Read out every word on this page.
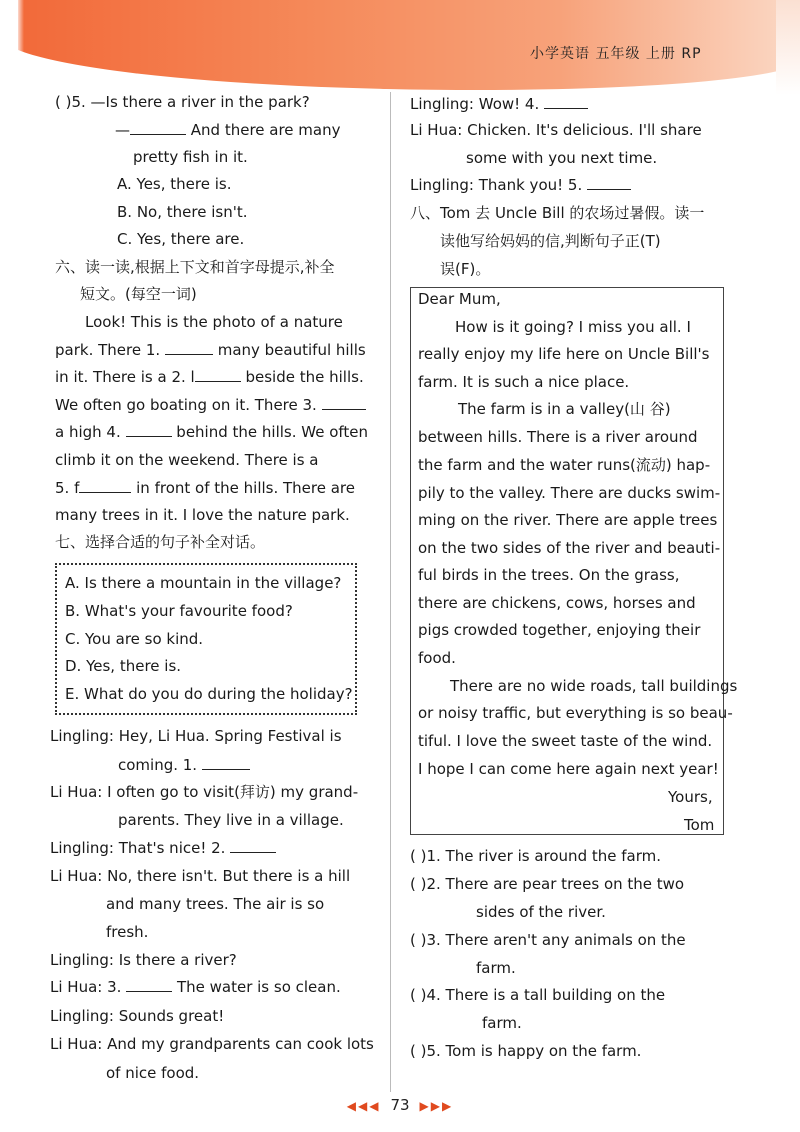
小学英语 五年级 上册 RP
( )5. —Is there a river in the park?
—	And there are many
pretty fish in it.
A. Yes, there is.
B. No, there isn't.
C. Yes, there are.
六、读一读,根据上下文和首字母提示,补全
短文。(每空一词)
Look! This is the photo of a nature
park. There 1.	many beautiful hills
in it. There is a 2. l	beside the hills.
We often go boating on it. There 3.
a high 4.	behind the hills. We often
climb it on the weekend. There is a
5. f	in front of the hills. There are
many trees in it. I love the nature park.
七、选择合适的句子补全对话。
A. Is there a mountain in the village?
B. What's your favourite food?
C. You are so kind.
D. Yes, there is.
E. What do you do during the holiday?
Lingling: Hey, Li Hua. Spring Festival is
coming. 1.
Li Hua: I often go to visit(拜访) my grand-
parents. They live in a village.
Lingling: That's nice! 2.
Li Hua: No, there isn't. But there is a hill
and many trees. The air is so
fresh.
Lingling: Is there a river?
Li Hua: 3.	The water is so clean.
Lingling: Sounds great!
Li Hua: And my grandparents can cook lots
of nice food.
Lingling: Wow! 4.
Li Hua: Chicken. It's delicious. I'll share
some with you next time.
Lingling: Thank you! 5.
八、Tom 去 Uncle Bill 的农场过暑假。读一
读他写给妈妈的信,判断句子正(T)
误(F)。
Dear Mum,
How is it going? I miss you all. I
really enjoy my life here on Uncle Bill's
farm. It is such a nice place.
The farm is in a valley(山 谷)
between hills. There is a river around
the farm and the water runs(流动) hap-
pily to the valley. There are ducks swim-
ming on the river. There are apple trees
on the two sides of the river and beauti-
ful birds in the trees. On the grass,
there are chickens, cows, horses and
pigs crowded together, enjoying their
food.
There are no wide roads, tall buildings
or noisy traffic, but everything is so beau-
tiful. I love the sweet taste of the wind.
I hope I can come here again next year!
Yours,
Tom
( )1. The river is around the farm.
( )2. There are pear trees on the two
sides of the river.
( )3. There aren't any animals on the
farm.
( )4. There is a tall building on the
farm.
( )5. Tom is happy on the farm.
◀◀◀ 73 ▶▶▶
